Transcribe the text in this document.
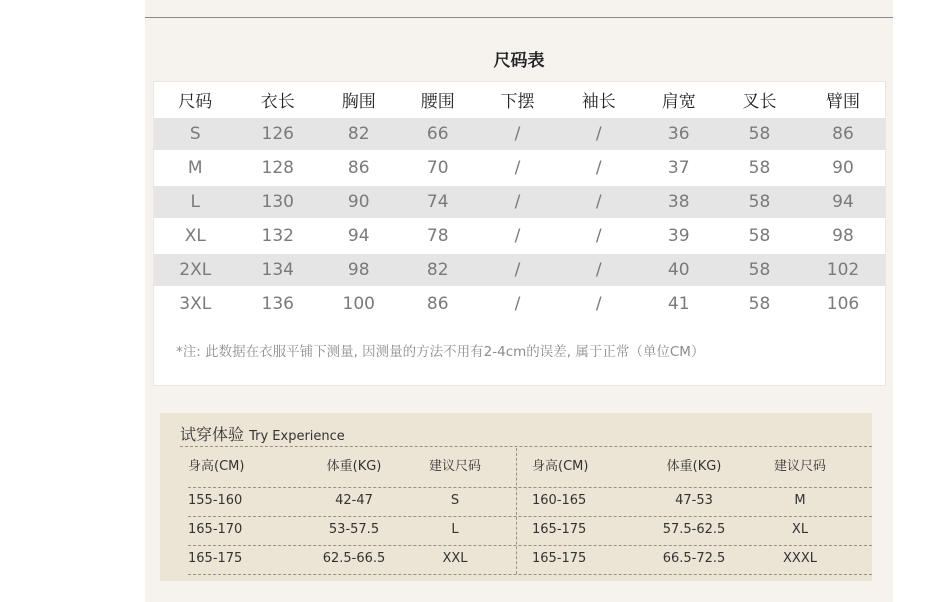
尺码表
尺码	衣长	胸围	腰围	下摆	袖长	肩宽	叉长	臂围
S	126	82	66	/	/	36	58	86
M	128	86	70	/	/	37	58	90
L	130	90	74	/	/	38	58	94
XL	132	94	78	/	/	39	58	98
2XL	134	98	82	/	/	40	58	102
3XL	136	100	86	/	/	41	58	106
*注: 此数据在衣服平铺下测量, 因测量的方法不用有2-4cm的误差, 属于正常（单位CM）
试穿体验 Try Experience
身高(CM)	体重(KG)	建议尺码	身高(CM)	体重(KG)	建议尺码
155-160	42-47	S	160-165	47-53	M
165-170	53-57.5	L	165-175	57.5-62.5	XL
165-175	62.5-66.5	XXL	165-175	66.5-72.5	XXXL
